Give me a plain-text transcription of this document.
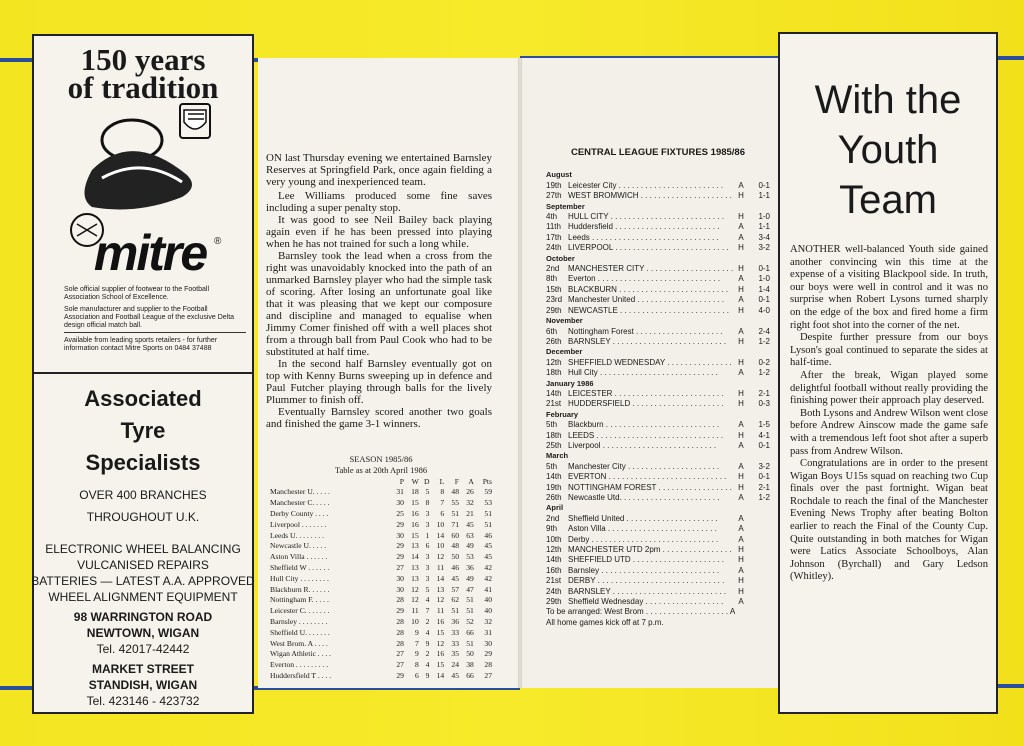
150 years
of tradition
mitre ®
Sole official supplier of footwear to the Football Association School of Excellence.
Sole manufacturer and supplier to the Football Association and Football League of the exclusive Delta design official match ball.
Available from leading sports retailers - for further information contact Mitre Sports on 0484 37488
Associated
Tyre
Specialists
OVER 400 BRANCHES
THROUGHOUT U.K.
ELECTRONIC WHEEL BALANCING
VULCANISED REPAIRS
BATTERIES — LATEST A.A. APPROVED
WHEEL ALIGNMENT EQUIPMENT
98 WARRINGTON ROAD
NEWTOWN, WIGAN
Tel. 42017-42442
MARKET STREET
STANDISH, WIGAN
Tel. 423146 - 423732

ON last Thursday evening we entertained Barnsley Reserves at Springfield Park, once again fielding a very young and inexperienced team.

Lee Williams produced some fine saves including a super penalty stop.

It was good to see Neil Bailey back playing again even if he has been pressed into playing when he has not trained for such a long while.

Barnsley took the lead when a cross from the right was unavoidably knocked into the path of an unmarked Barnsley player who had the simple task of scoring. After losing an unfortunate goal like that it was pleasing that we kept our composure and discipline and managed to equalise when Jimmy Comer finished off with a well places shot from a through ball from Paul Cook who had to be substituted at half time.

In the second half Barnsley eventually got on top with Kenny Burns sweeping up in defence and Paul Futcher playing through balls for the lively Plummer to finish off.

Eventually Barnsley scored another two goals and finished the game 3-1 winners.

SEASON 1985/86
Table as at 20th April 1986
	P	W	D	L	F	A	Pts
Manchester U. . . . .	31	18	5	8	48	26	59
Manchester C. . . . .	30	15	8	7	55	32	53
Derby County . . . .	25	16	3	6	51	21	51
Liverpool . . . . . . .	29	16	3	10	71	45	51
Leeds U. . . . . . . .	30	15	1	14	60	63	46
Newcastle U. . . . .	29	13	6	10	48	49	45
Aston Villa . . . . . .	29	14	3	12	50	53	45
Sheffield W . . . . . .	27	13	3	11	46	36	42
Hull City . . . . . . . .	30	13	3	14	45	49	42
Blackburn R. . . . . .	30	12	5	13	57	47	41
Nottingham F. . . . .	28	12	4	12	62	51	40
Leicester C. . . . . . .	29	11	7	11	51	51	40
Barnsley . . . . . . . .	28	10	2	16	36	52	32
Sheffield U. . . . . . .	28	9	4	15	33	66	31
West Brom. A . . . .	28	7	9	12	33	51	30
Wigan Athletic . . . .	27	9	2	16	35	50	29
Everton . . . . . . . . .	27	8	4	15	24	38	28
Huddersfield T . . . .	29	6	9	14	45	66	27
CENTRAL LEAGUE FIXTURES 1985/86
August
19th Leicester City . . . . . . . . . . . . . . . . . . . . . . . .	A	0-1
27th WEST BROMWICH . . . . . . . . . . . . . . . . . . . . . H	1-1
September
4th	HULL CITY . . . . . . . . . . . . . . . . . . . . . . . . . .	H	1-0
11th Huddersfield . . . . . . . . . . . . . . . . . . . . . . . .	A	1-1
17th Leeds . . . . . . . . . . . . . . . . . . . . . . . . . . . . .	A	3-4
24th LIVERPOOL . . . . . . . . . . . . . . . . . . . . . . . . . .	H	3-2
October
2nd	MANCHESTER CITY . . . . . . . . . . . . . . . . . . . . H	0-1
8th	Everton . . . . . . . . . . . . . . . . . . . . . . . . . . . .	A	1-0
15th BLACKBURN . . . . . . . . . . . . . . . . . . . . . . . . .	H	1-4
23rd Manchester United . . . . . . . . . . . . . . . . . . . .	A	0-1
29th NEWCASTLE . . . . . . . . . . . . . . . . . . . . . . . . .	H	4-0
November
6th	Nottingham Forest . . . . . . . . . . . . . . . . . . . .	A	2-4
26th BARNSLEY . . . . . . . . . . . . . . . . . . . . . . . . . .	H	1-2
December
12th SHEFFIELD WEDNESDAY . . . . . . . . . . . . . . . H	0-2
18th Hull City . . . . . . . . . . . . . . . . . . . . . . . . . . .	A	1-2
January 1986
14th LEICESTER . . . . . . . . . . . . . . . . . . . . . . . . .	H	2-1
21st HUDDERSFIELD . . . . . . . . . . . . . . . . . . . . .	H	0-3
February
5th	Blackburn . . . . . . . . . . . . . . . . . . . . . . . . . .	A	1-5
18th LEEDS . . . . . . . . . . . . . . . . . . . . . . . . . . . . .	H	4-1
25th Liverpool . . . . . . . . . . . . . . . . . . . . . . . . . .	A	0-1
March
5th	Manchester City . . . . . . . . . . . . . . . . . . . . .	A	3-2
14th EVERTON . . . . . . . . . . . . . . . . . . . . . . . . . . .	H	0-1
19th NOTTINGHAM FOREST . . . . . . . . . . . . . . . . . H	2-1
26th Newcastle Utd. . . . . . . . . . . . . . . . . . . . . . .	A	1-2
April
2nd	Sheffield United . . . . . . . . . . . . . . . . . . . . .	A
9th	Aston Villa . . . . . . . . . . . . . . . . . . . . . . . . .	A
10th Derby . . . . . . . . . . . . . . . . . . . . . . . . . . . . .	A
12th MANCHESTER UTD 2pm . . . . . . . . . . . . . . . . H
14th SHEFFIELD UTD . . . . . . . . . . . . . . . . . . . . .	H
16th Barnsley . . . . . . . . . . . . . . . . . . . . . . . . . . .	A
21st DERBY . . . . . . . . . . . . . . . . . . . . . . . . . . . . .	H
24th BARNSLEY . . . . . . . . . . . . . . . . . . . . . . . . . .	H
29th Sheffield Wednesday . . . . . . . . . . . . . . . . . .	A
To be arranged: West Brom . . . . . . . . . . . . . . . . . . . A
All home games kick off at 7 p.m.
With the
Youth
Team

ANOTHER well-balanced Youth side gained another convincing win this time at the expense of a visiting Blackpool side. In truth, our boys were well in control and it was no surprise when Robert Lysons turned sharply on the edge of the box and fired home a firm right foot shot into the corner of the net.

Despite further pressure from our boys Lyson's goal continued to separate the sides at half-time.

After the break, Wigan played some delightful football without really providing the finishing power their approach play deserved.

Both Lysons and Andrew Wilson went close before Andrew Ainscow made the game safe with a tremendous left foot shot after a superb pass from Andrew Wilson.

Congratulations are in order to the present Wigan Boys U15s squad on reaching two Cup finals over the past fortnight. Wigan beat Rochdale to reach the final of the Manchester Evening News Trophy after beating Bolton earlier to reach the Final of the County Cup. Quite outstanding in both matches for Wigan were Latics Associate Schoolboys, Alan Johnson (Byrchall) and Gary Ledson (Whitley).
